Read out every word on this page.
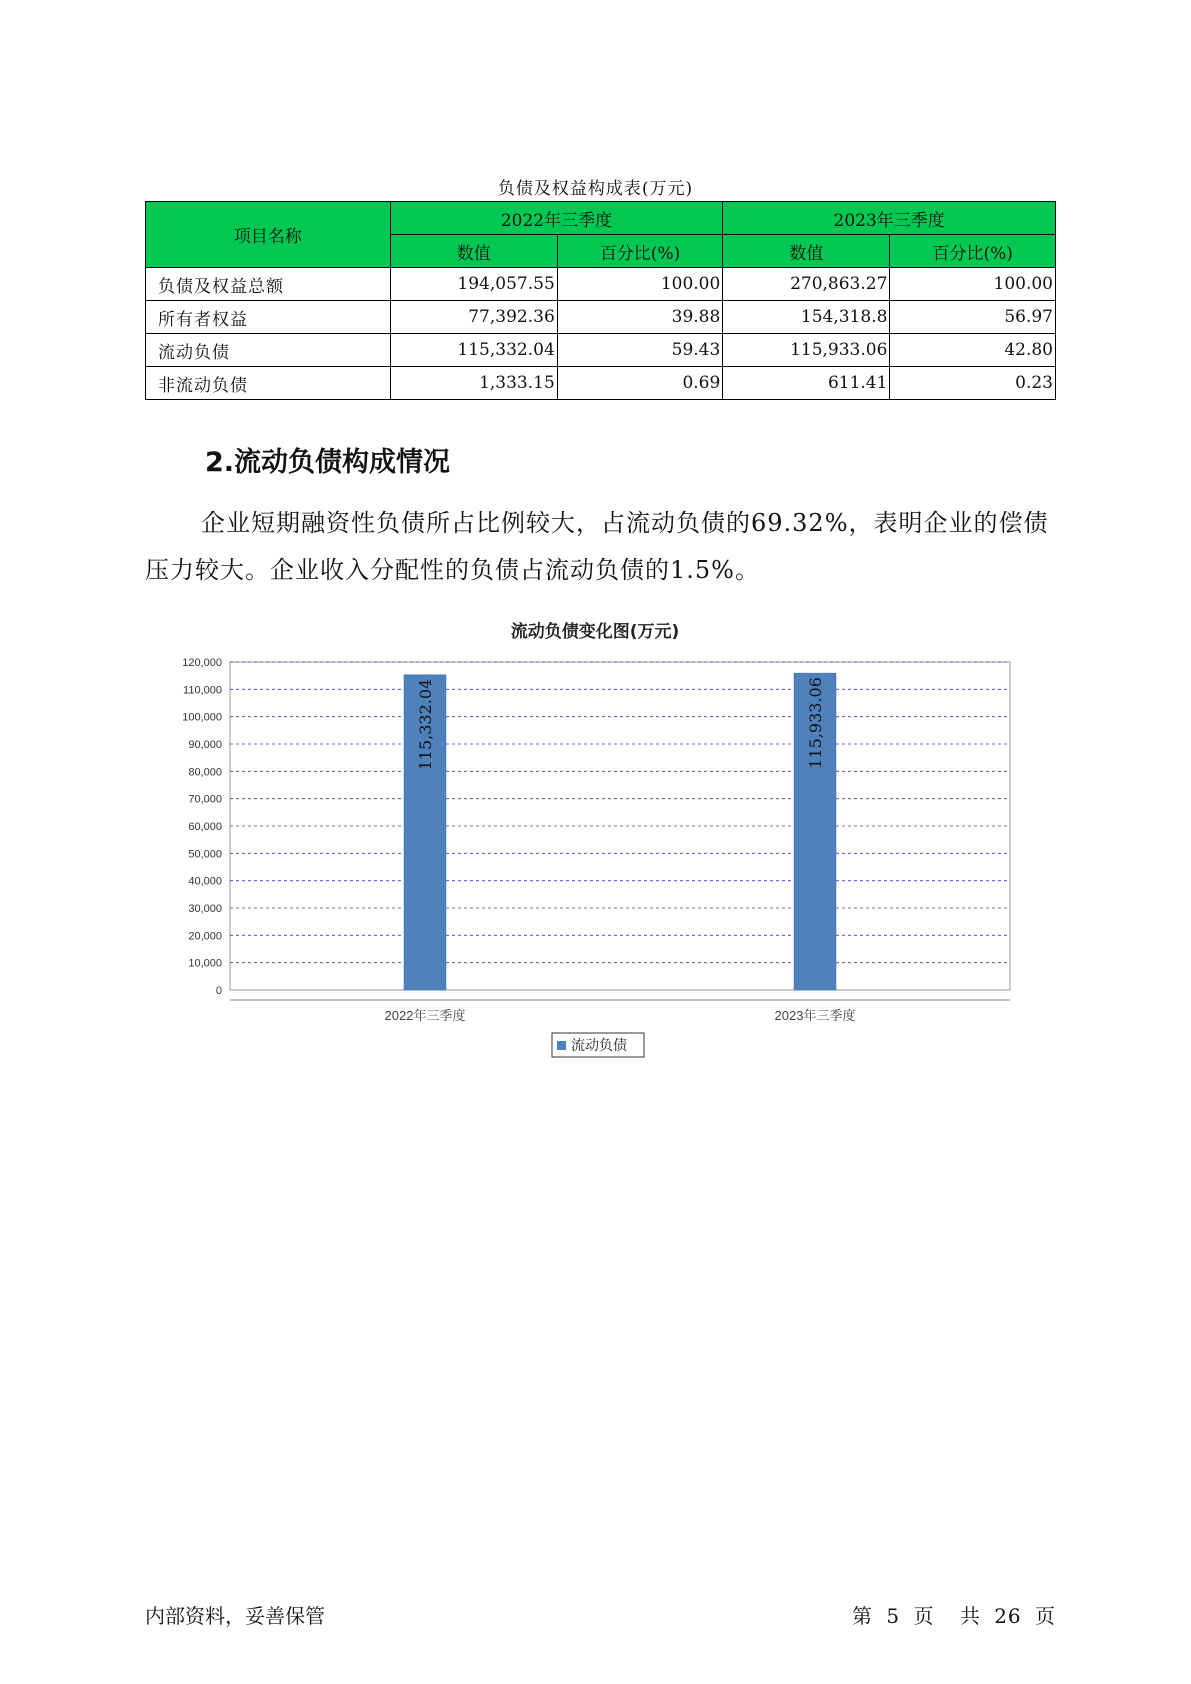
负债及权益构成表(万元)
项目名称	2022年三季度		2023年三季度	
	数值	百分比(%)	数值	百分比(%)
负债及权益总额	194,057.55	100.00	270,863.27	100.00
所有者权益	77,392.36	39.88	154,318.8	56.97
流动负债	115,332.04	59.43	115,933.06	42.80
非流动负债	1,333.15	0.69	611.41	0.23
2.流动负债构成情况
企业短期融资性负债所占比例较大，占流动负债的69.32%，表明企业的偿债压力较大。企业收入分配性的负债占流动负债的1.5%。
流动负债变化图(万元)
0
10,000
20,000
30,000
40,000
50,000
60,000
70,000
80,000
90,000
100,000
110,000
120,000
115,332.04
2022年三季度
115,933.06
2023年三季度
流动负债
内部资料，妥善保管	第 5 页 共 26 页
